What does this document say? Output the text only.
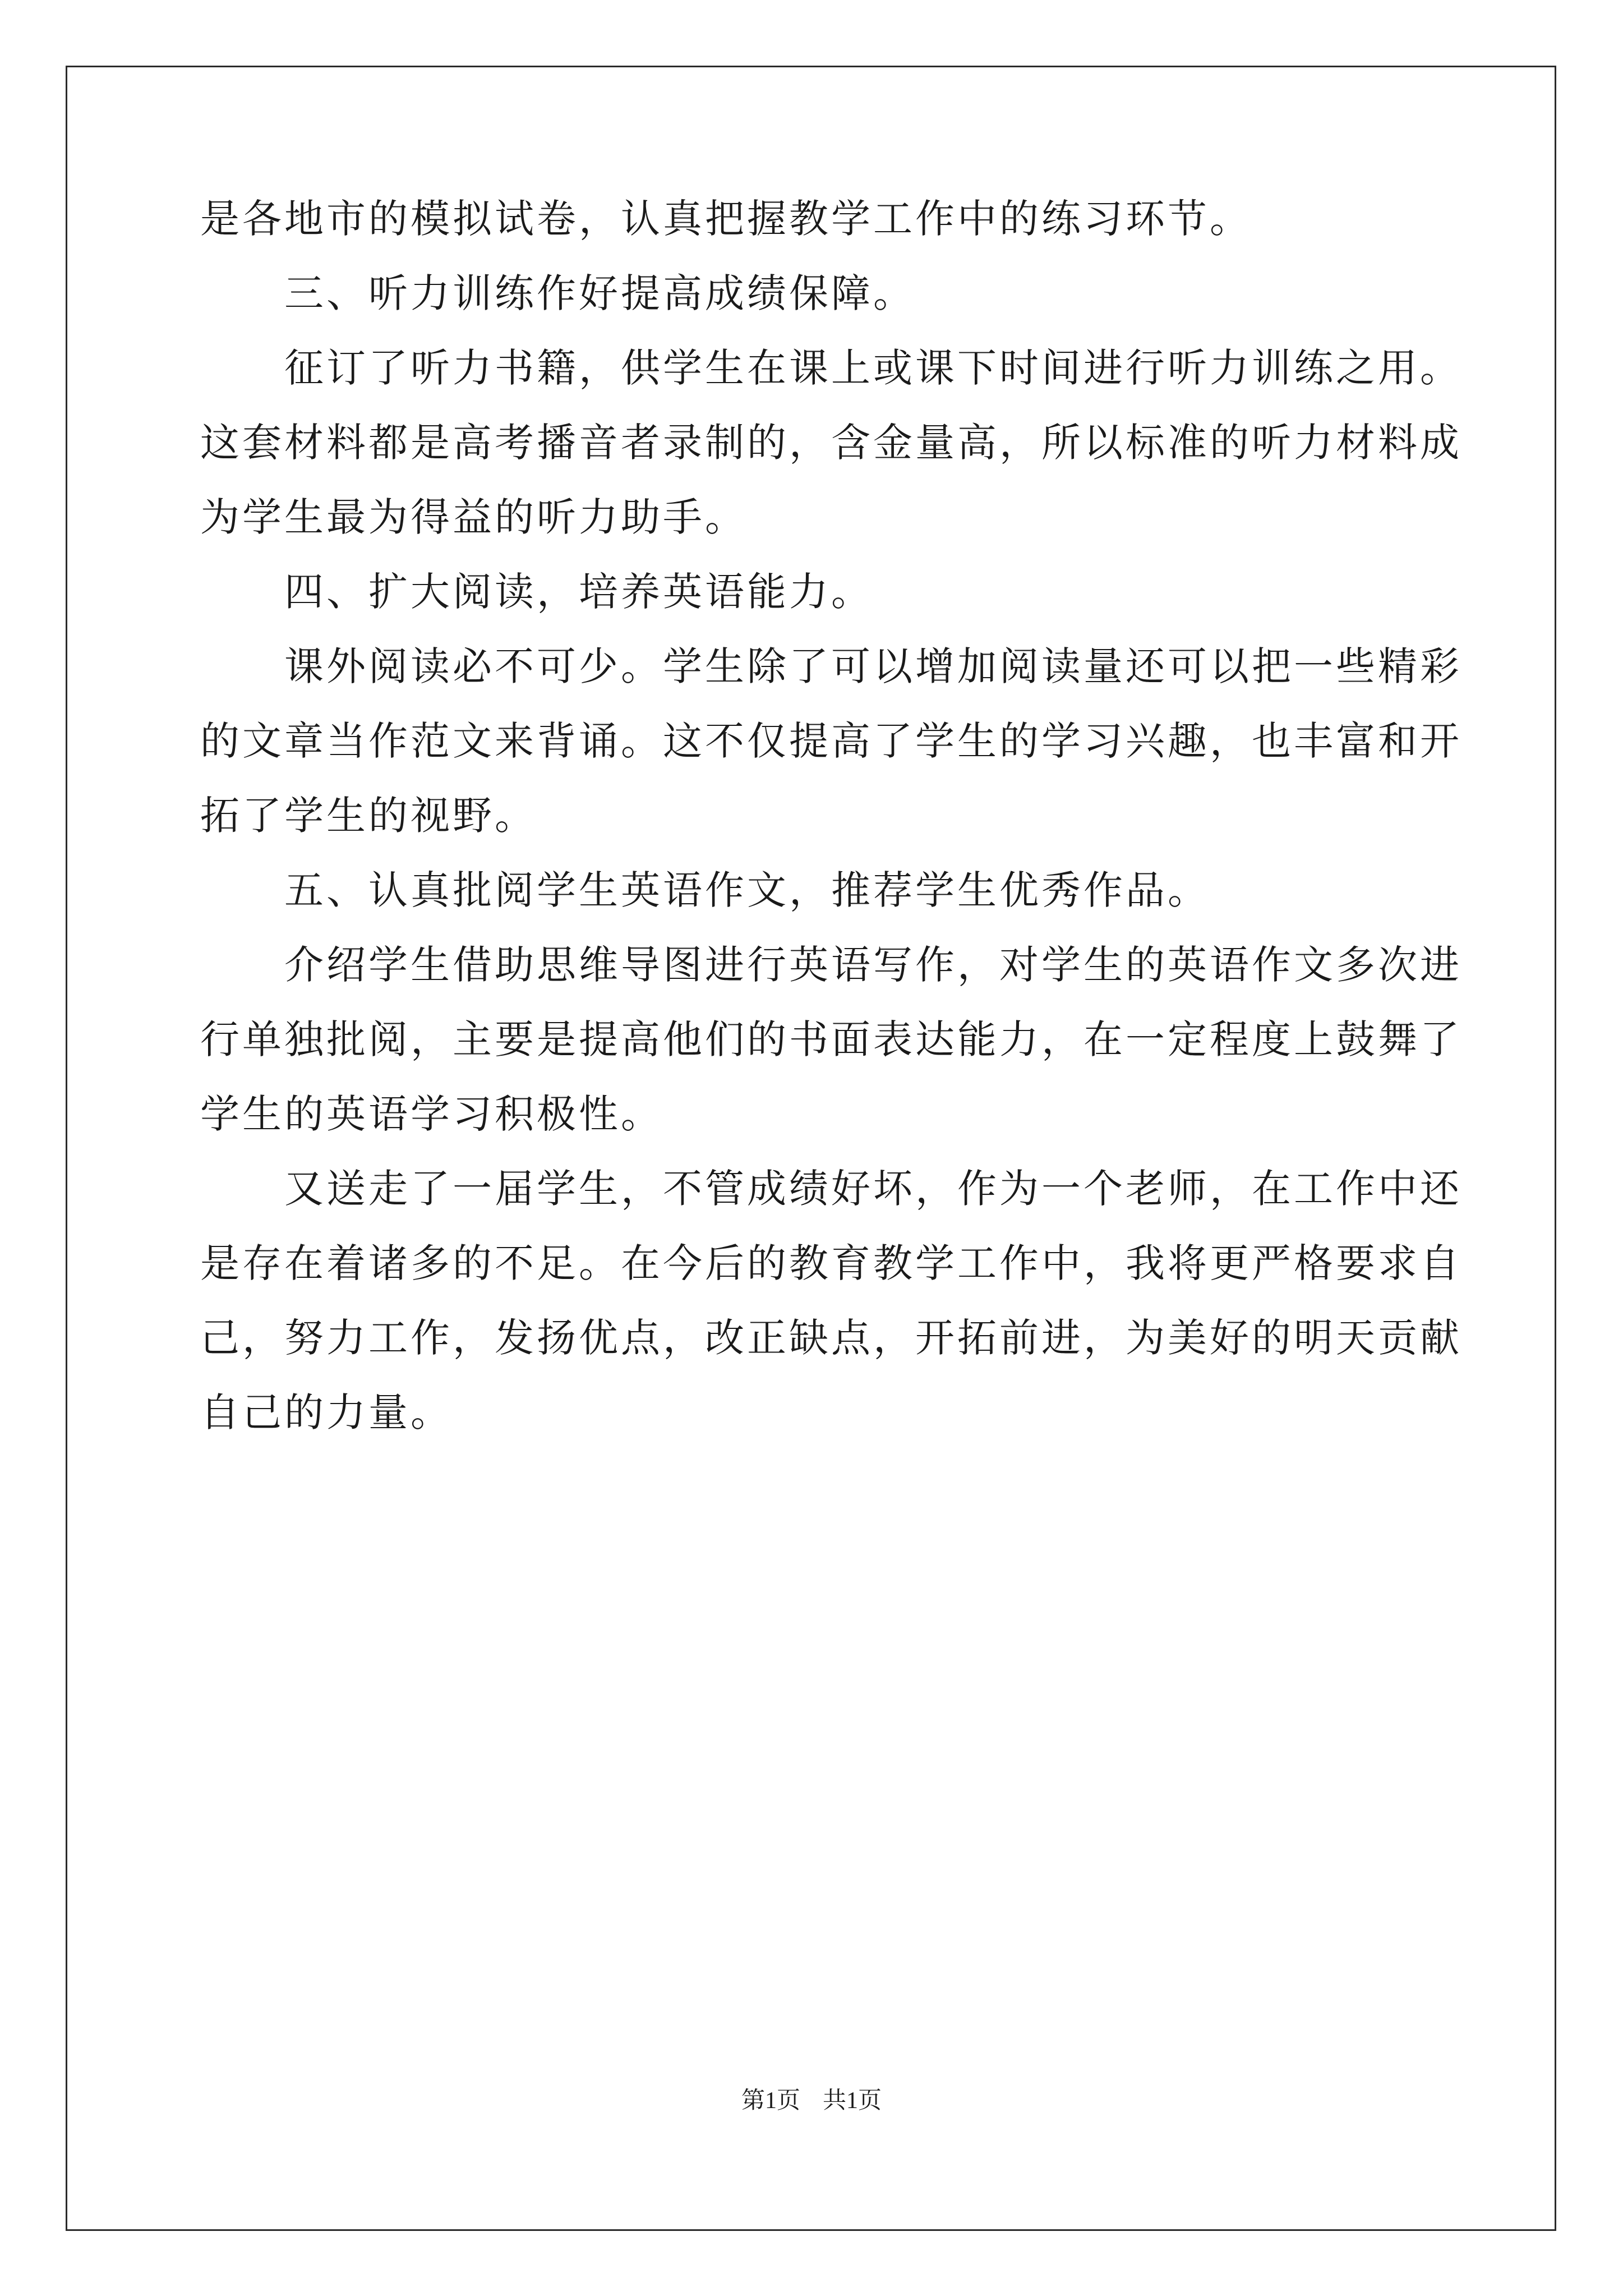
是各地市的模拟试卷，认真把握教学工作中的练习环节。
三、听力训练作好提高成绩保障。
征订了听力书籍，供学生在课上或课下时间进行听力训练之用。
这套材料都是高考播音者录制的，含金量高，所以标准的听力材料成
为学生最为得益的听力助手。
四、扩大阅读，培养英语能力。
课外阅读必不可少。学生除了可以增加阅读量还可以把一些精彩
的文章当作范文来背诵。这不仅提高了学生的学习兴趣，也丰富和开
拓了学生的视野。
五、认真批阅学生英语作文，推荐学生优秀作品。
介绍学生借助思维导图进行英语写作，对学生的英语作文多次进
行单独批阅，主要是提高他们的书面表达能力，在一定程度上鼓舞了
学生的英语学习积极性。
又送走了一届学生，不管成绩好坏，作为一个老师，在工作中还
是存在着诸多的不足。在今后的教育教学工作中，我将更严格要求自
己，努力工作，发扬优点，改正缺点，开拓前进，为美好的明天贡献
自己的力量。
第1页 共1页
